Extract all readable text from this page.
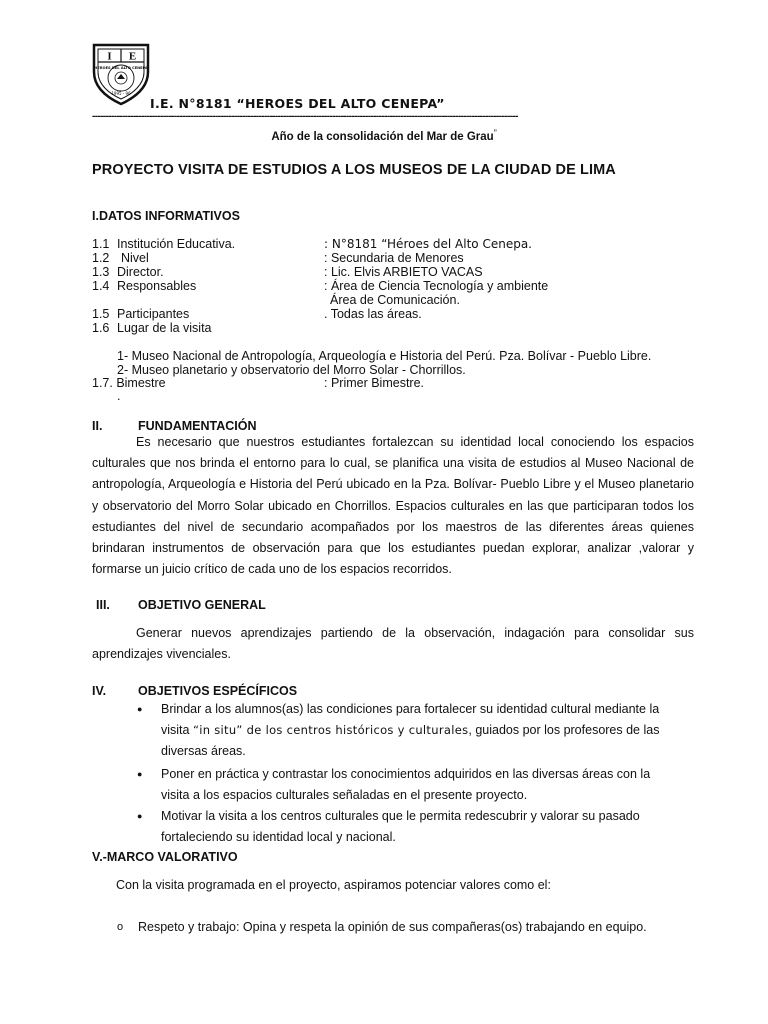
I E
HEROES DEL ALTO CENEPA
1995 - 96
I.E. N°8181 “HEROES DEL ALTO CENEPA”
------------------------------------------------------------------------------------------------------------------------------------------------------------
Año de la consolidación del Mar de Grau”
PROYECTO VISITA DE ESTUDIOS A LOS MUSEOS DE LA CIUDAD DE LIMA
I.DATOS INFORMATIVOS
1.1 Institución Educativa.	: N°8181 “Héroes del Alto Cenepa.
1.2 Nivel	: Secundaria de Menores
1.3 Director.	: Lic. Elvis ARBIETO VACAS
1.4 Responsables	: Área de Ciencia Tecnología y ambiente
Área de Comunicación.
1.5 Participantes	. Todas las áreas.
1.6 Lugar de la visita
1- Museo Nacional de Antropología, Arqueología e Historia del Perú. Pza. Bolívar - Pueblo Libre.
2- Museo planetario y observatorio del Morro Solar - Chorrillos.
1.7. Bimestre	: Primer Bimestre.
.
II.	FUNDAMENTACIÓN
Es necesario que nuestros estudiantes fortalezcan su identidad local conociendo los espacios culturales que nos brinda el entorno para lo cual, se planifica una visita de estudios al Museo Nacional de antropología, Arqueología e Historia del Perú ubicado en la Pza. Bolívar- Pueblo Libre y el Museo planetario y observatorio del Morro Solar ubicado en Chorrillos. Espacios culturales en las que participaran todos los estudiantes del nivel de secundario acompañados por los maestros de las diferentes áreas quienes brindaran instrumentos de observación para que los estudiantes puedan explorar, analizar ,valorar y formarse un juicio crítico de cada uno de los espacios recorridos.
III. OBJETIVO GENERAL
Generar nuevos aprendizajes partiendo de la observación, indagación para consolidar sus aprendizajes vivenciales.
IV.	OBJETIVOS ESPÉCÍFICOS
● Brindar a los alumnos(as) las condiciones para fortalecer su identidad cultural mediante la
visita “in situ” de los centros históricos y culturales, guiados por los profesores de las
diversas áreas.
● Poner en práctica y contrastar los conocimientos adquiridos en las diversas áreas con la
visita a los espacios culturales señaladas en el presente proyecto.
● Motivar la visita a los centros culturales que le permita redescubrir y valorar su pasado
fortaleciendo su identidad local y nacional.
V.-MARCO VALORATIVO
Con la visita programada en el proyecto, aspiramos potenciar valores como el:
o Respeto y trabajo: Opina y respeta la opinión de sus compañeras(os) trabajando en equipo.
